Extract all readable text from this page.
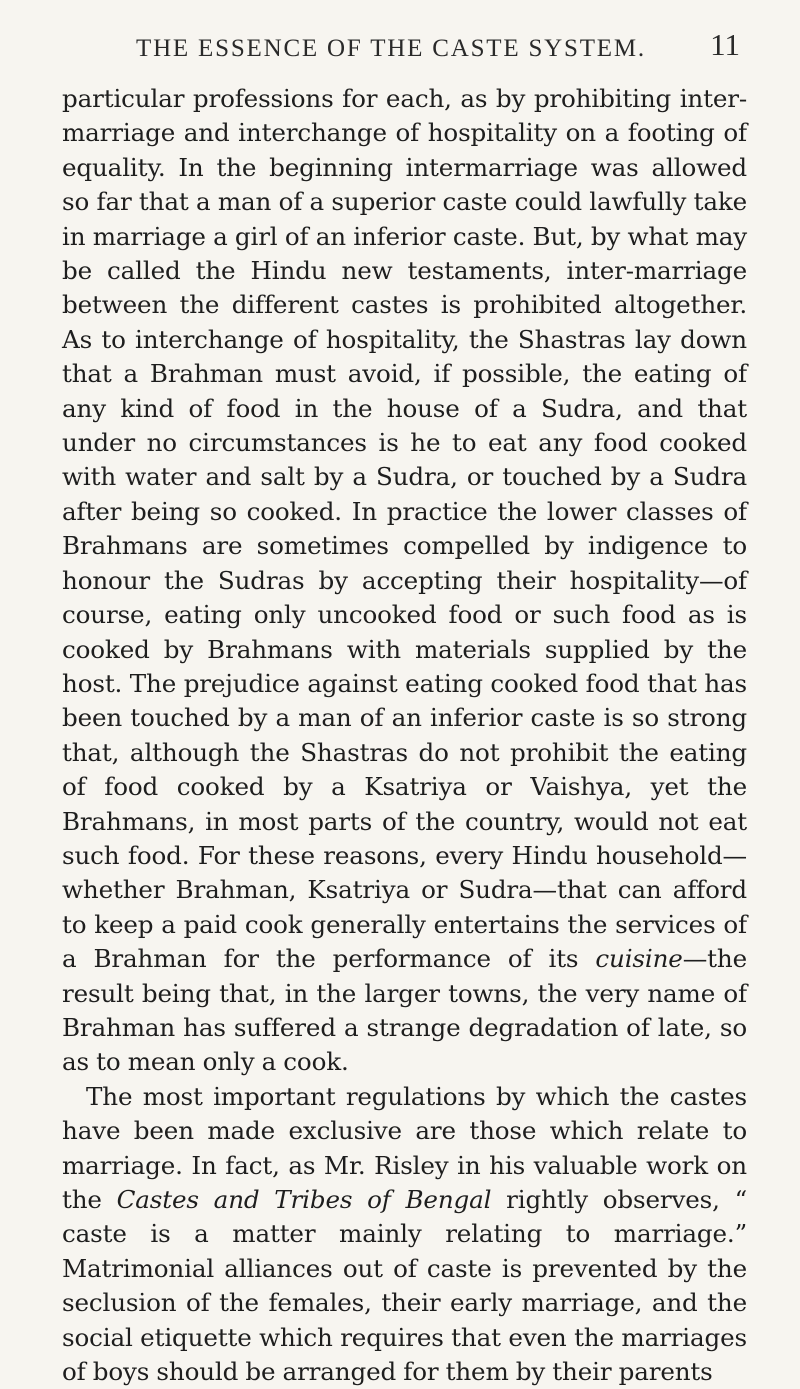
THE ESSENCE OF THE CASTE SYSTEM. 11

particular professions for each, as by prohibiting inter-marriage and interchange of hospitality on a footing of equality. In the beginning intermarriage was allowed so far that a man of a superior caste could lawfully take in marriage a girl of an inferior caste. But, by what may be called the Hindu new testaments, inter-marriage between the different castes is prohibited altogether. As to interchange of hospitality, the Shastras lay down that a Brahman must avoid, if possible, the eating of any kind of food in the house of a Sudra, and that under no circumstances is he to eat any food cooked with water and salt by a Sudra, or touched by a Sudra after being so cooked. In practice the lower classes of Brahmans are sometimes compelled by indigence to honour the Sudras by accepting their hospitality—of course, eating only uncooked food or such food as is cooked by Brahmans with materials supplied by the host. The prejudice against eating cooked food that has been touched by a man of an inferior caste is so strong that, although the Shastras do not prohibit the eating of food cooked by a Ksatriya or Vaishya, yet the Brahmans, in most parts of the country, would not eat such food. For these reasons, every Hindu household—whether Brahman, Ksatriya or Sudra—that can afford to keep a paid cook generally entertains the services of a Brahman for the performance of its cuisine—the result being that, in the larger towns, the very name of Brahman has suffered a strange degradation of late, so as to mean only a cook.

The most important regulations by which the castes have been made exclusive are those which relate to marriage. In fact, as Mr. Risley in his valuable work on the Castes and Tribes of Bengal rightly observes, “ caste is a matter mainly relating to marriage.” Matrimonial alliances out of caste is prevented by the seclusion of the females, their early marriage, and the social etiquette which requires that even the marriages of boys should be arranged for them by their parents
